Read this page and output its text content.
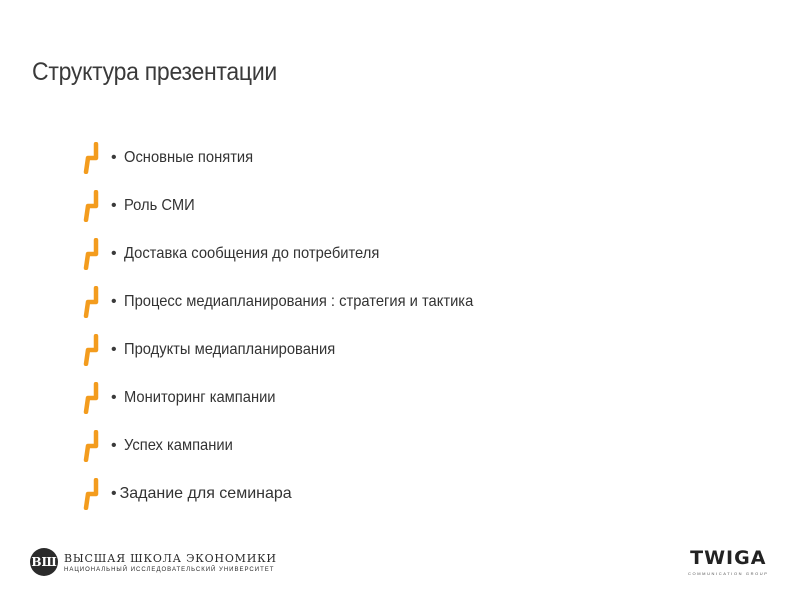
Структура презентации
• Основные понятия
• Роль СМИ
• Доставка сообщения до потребителя
• Процесс медиапланирования : стратегия и тактика
• Продукты медиапланирования
• Мониторинг кампании
• Успех кампании
• Задание для семинара
ВШ ВЫСШАЯ ШКОЛА ЭКОНОМИКИ
НАЦИОНАЛЬНЫЙ ИССЛЕДОВАТЕЛЬСКИЙ УНИВЕРСИТЕТ
TWIGA
COMMUNICATION GROUP
